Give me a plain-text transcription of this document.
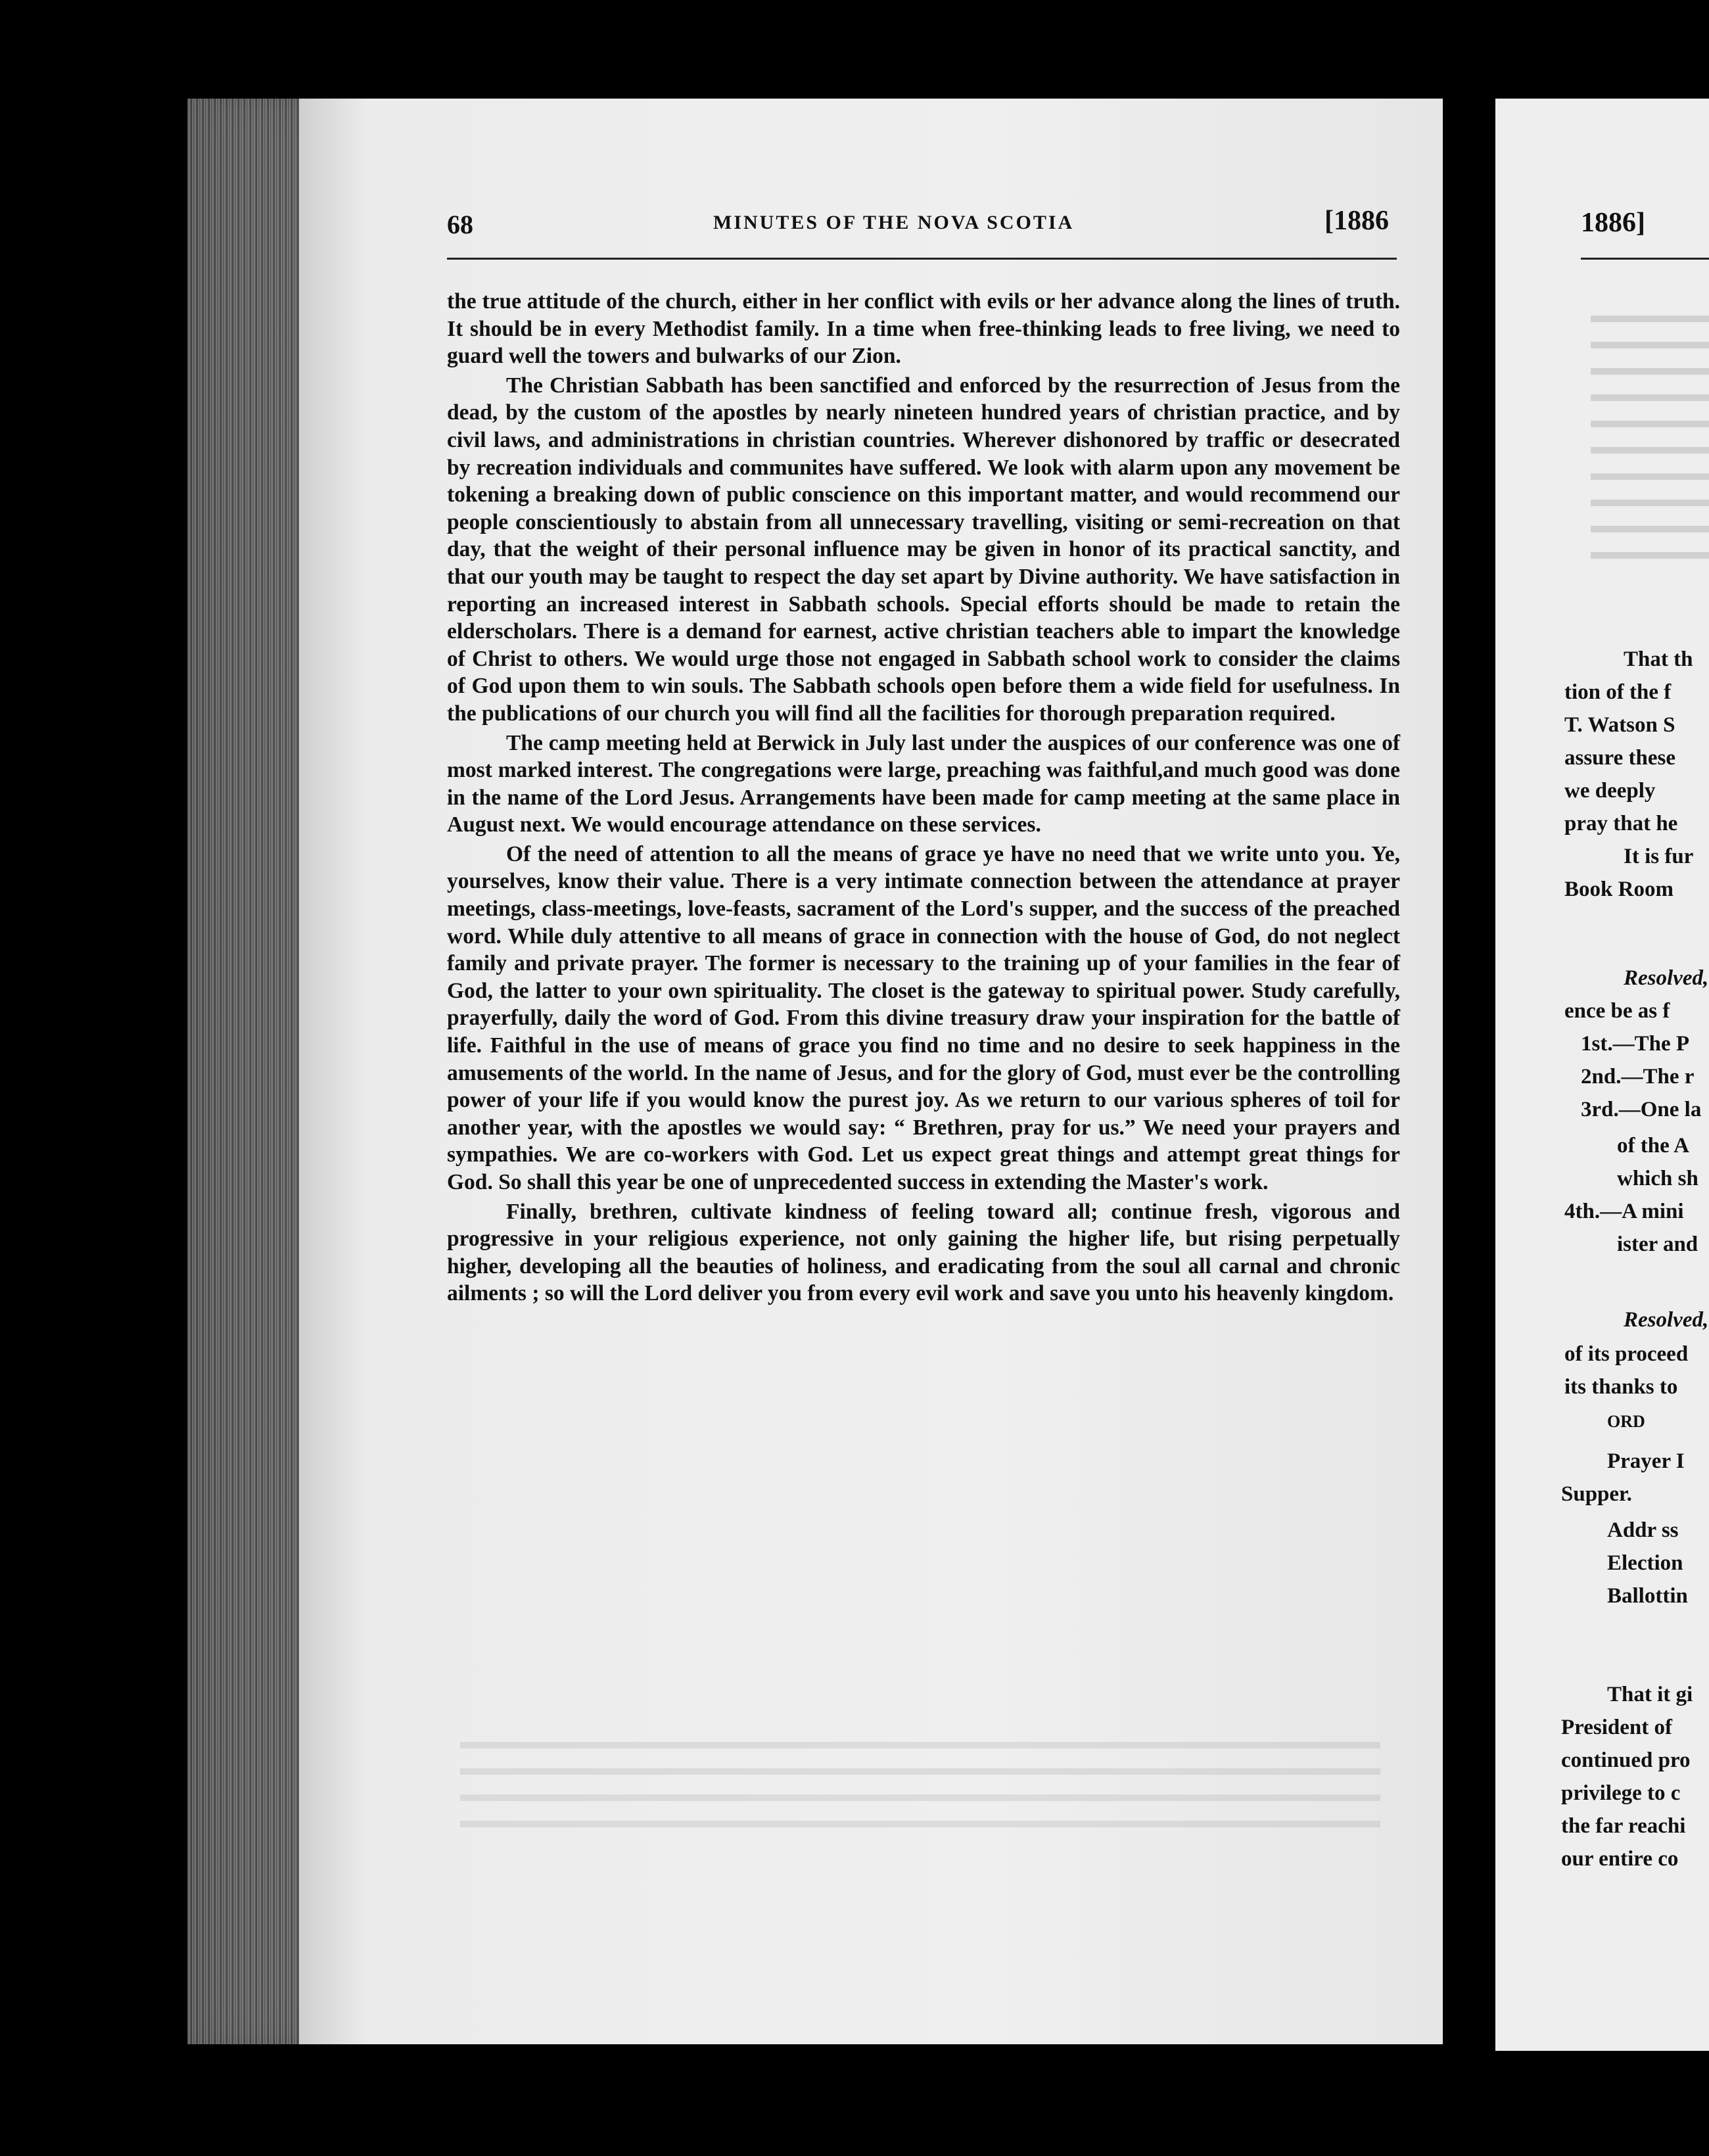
68	MINUTES OF THE NOVA SCOTIA	[1886

the true attitude of the church, either in her conflict with evils or her advance along the lines of truth. It should be in every Methodist family. In a time when free-thinking leads to free living, we need to guard well the towers and bulwarks of our Zion.

The Christian Sabbath has been sanctified and enforced by the resurrection of Jesus from the dead, by the custom of the apostles by nearly nineteen hundred years of christian practice, and by civil laws, and administrations in christian countries. Wherever dishonored by traffic or desecrated by recreation individuals and communites have suffered. We look with alarm upon any movement be tokening a breaking down of public conscience on this important matter, and would recommend our people conscientiously to abstain from all unnecessary travelling, visiting or semi-recreation on that day, that the weight of their personal influence may be given in honor of its practical sanctity, and that our youth may be taught to respect the day set apart by Divine authority. We have satisfaction in reporting an increased interest in Sabbath schools. Special efforts should be made to retain the elderscholars. There is a demand for earnest, active christian teachers able to impart the knowledge of Christ to others. We would urge those not engaged in Sabbath school work to consider the claims of God upon them to win souls. The Sabbath schools open before them a wide field for usefulness. In the publications of our church you will find all the facilities for thorough preparation required.

The camp meeting held at Berwick in July last under the auspices of our conference was one of most marked interest. The congregations were large, preaching was faithful,and much good was done in the name of the Lord Jesus. Arrangements have been made for camp meeting at the same place in August next. We would encourage attendance on these services.

Of the need of attention to all the means of grace ye have no need that we write unto you. Ye, yourselves, know their value. There is a very intimate connection between the attendance at prayer meetings, class-meetings, love-feasts, sacrament of the Lord's supper, and the success of the preached word. While duly attentive to all means of grace in connection with the house of God, do not neglect family and private prayer. The former is necessary to the training up of your families in the fear of God, the latter to your own spirituality. The closet is the gateway to spiritual power. Study carefully, prayerfully, daily the word of God. From this divine treasury draw your inspiration for the battle of life. Faithful in the use of means of grace you find no time and no desire to seek happiness in the amusements of the world. In the name of Jesus, and for the glory of God, must ever be the controlling power of your life if you would know the purest joy. As we return to our various spheres of toil for another year, with the apostles we would say: “ Brethren, pray for us.” We need your prayers and sympathies. We are co-workers with God. Let us expect great things and attempt great things for God. So shall this year be one of unprecedented success in extending the Master's work.

Finally, brethren, cultivate kindness of feeling toward all; continue fresh, vigorous and progressive in your religious experience, not only gaining the higher life, but rising perpetually higher, developing all the beauties of holiness, and eradicating from the soul all carnal and chronic ailments ; so will the Lord deliver you from every evil work and save you unto his heavenly kingdom.

1886]
That th
tion of the f
T. Watson S
assure these
we deeply
pray that he
It is fur
Book Room
Resolved,
ence be as f
1st.—The P
2nd.—The r
3rd.—One la
of the A
which sh
4th.—A mini
ister and
Resolved,
of its proceed
its thanks to
ORD
Prayer I
Supper.
Addr ss
Election
Ballottin
That it gi
President of
continued pro
privilege to c
the far reachi
our entire co
